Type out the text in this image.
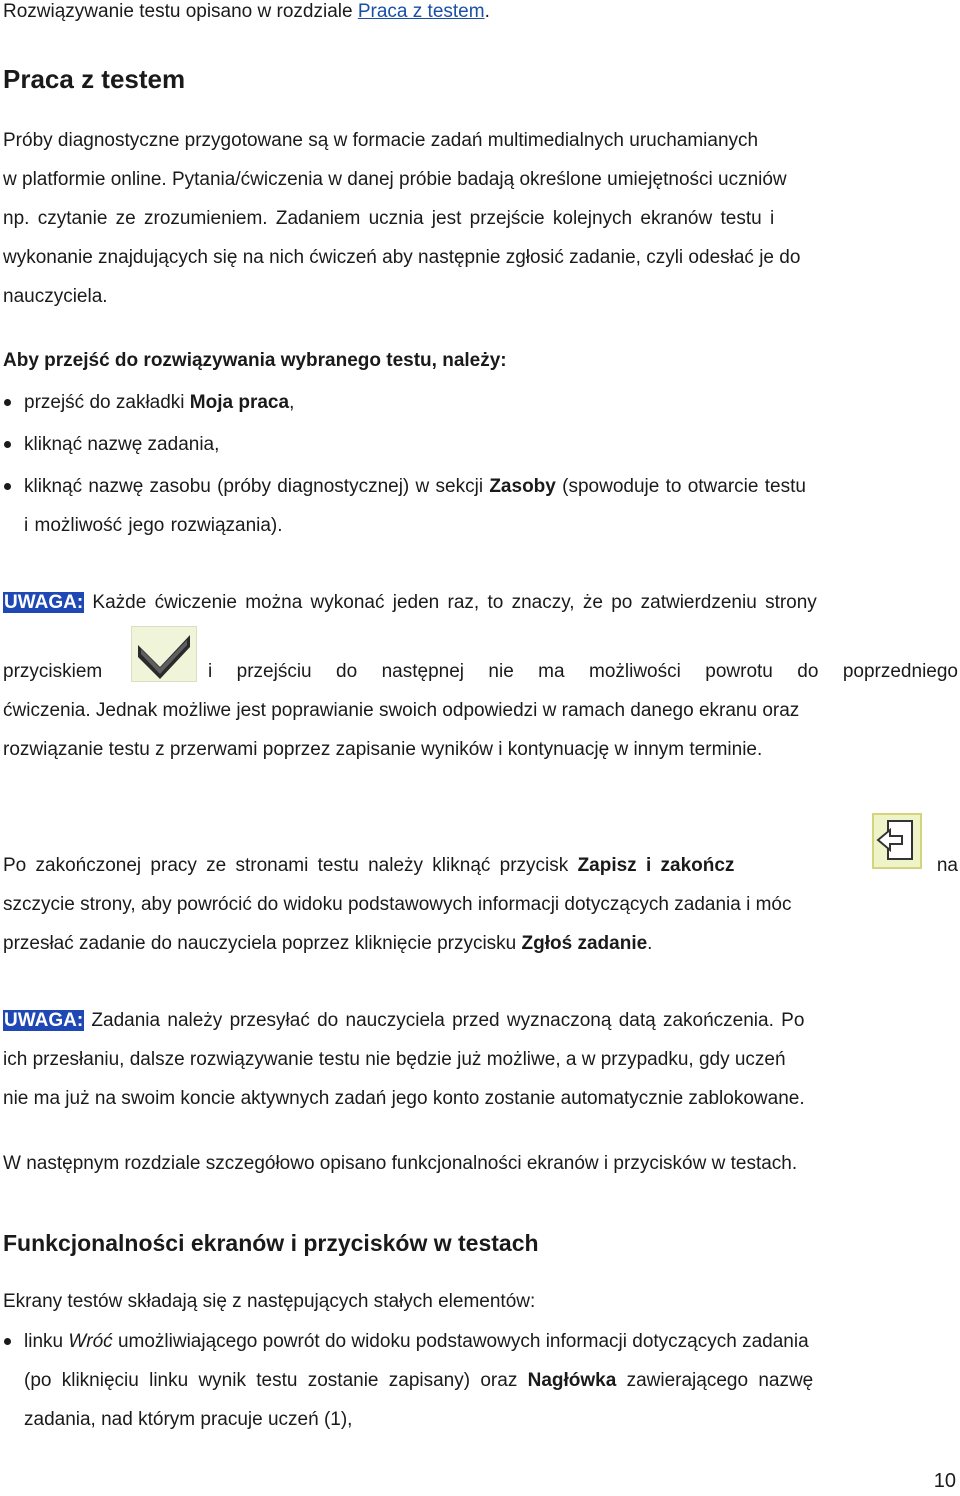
Rozwiązywanie testu opisano w rozdziale Praca z testem.

Praca z testem

Próby diagnostyczne przygotowane są w formacie zadań multimedialnych uruchamianych
w platformie online. Pytania/ćwiczenia w danej próbie badają określone umiejętności uczniów
np. czytanie ze zrozumieniem. Zadaniem ucznia jest przejście kolejnych ekranów testu i
wykonanie znajdujących się na nich ćwiczeń aby następnie zgłosić zadanie, czyli odesłać je do
nauczyciela.

Aby przejść do rozwiązywania wybranego testu, należy:

przejść do zakładki Moja praca,
kliknąć nazwę zadania,
kliknąć nazwę zasobu (próby diagnostycznej) w sekcji Zasoby (spowoduje to otwarcie testu
i możliwość jego rozwiązania).
UWAGA: Każde ćwiczenie można wykonać jeden raz, to znaczy, że po zatwierdzeniu strony
przyciskiem	i przejściu do następnej nie ma możliwości powrotu do poprzedniego
ćwiczenia. Jednak możliwe jest poprawianie swoich odpowiedzi w ramach danego ekranu oraz
rozwiązanie testu z przerwami poprzez zapisanie wyników i kontynuację w innym terminie.
Po zakończonej pracy ze stronami testu należy kliknąć przycisk Zapisz i zakończ	na
szczycie strony, aby powrócić do widoku podstawowych informacji dotyczących zadania i móc
przesłać zadanie do nauczyciela poprzez kliknięcie przycisku Zgłoś zadanie.
UWAGA: Zadania należy przesyłać do nauczyciela przed wyznaczoną datą zakończenia. Po
ich przesłaniu, dalsze rozwiązywanie testu nie będzie już możliwe, a w przypadku, gdy uczeń
nie ma już na swoim koncie aktywnych zadań jego konto zostanie automatycznie zablokowane.
W następnym rozdziale szczegółowo opisano funkcjonalności ekranów i przycisków w testach.

Funkcjonalności ekranów i przycisków w testach

Ekrany testów składają się z następujących stałych elementów:
linku Wróć umożliwiającego powrót do widoku podstawowych informacji dotyczących zadania
(po kliknięciu linku wynik testu zostanie zapisany) oraz Nagłówka zawierającego nazwę
zadania, nad którym pracuje uczeń (1),
10
